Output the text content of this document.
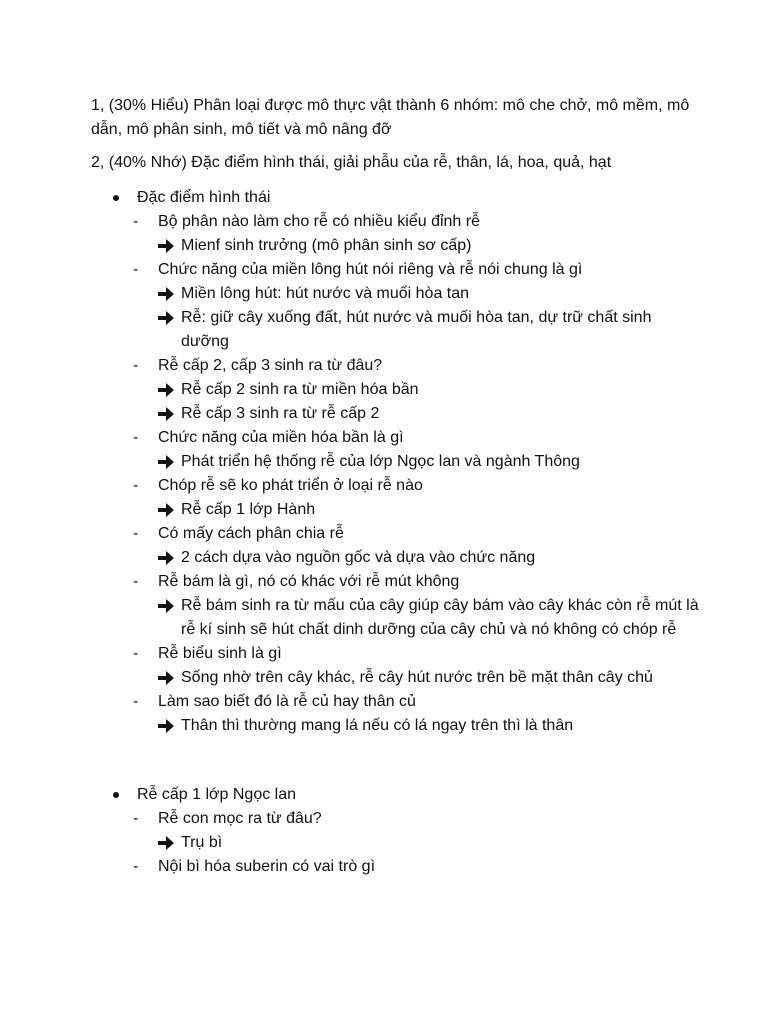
1, (30% Hiểu) Phân loại được mô thực vật thành 6 nhóm: mô che chở, mô mềm, mô dẫn, mô phân sinh, mô tiết và mô nâng đỡ

2, (40% Nhớ) Đặc điểm hình thái, giải phẫu của rễ, thân, lá, hoa, quả, hạt

Đặc điểm hình thái
- Bộ phân nào làm cho rễ có nhiều kiểu đỉnh rễ
Mienf sinh trưởng (mô phân sinh sơ cấp)
- Chức năng của miền lông hút nói riêng và rễ nói chung là gì
Miền lông hút: hút nước và muối hòa tan
Rễ: giữ cây xuống đất, hút nước và muối hòa tan, dự trữ chất sinh dưỡng
- Rễ cấp 2, cấp 3 sinh ra từ đâu?
Rễ cấp 2 sinh ra từ miền hóa bần
Rễ cấp 3 sinh ra từ rễ cấp 2
- Chức năng của miền hóa bần là gì
Phát triển hệ thống rễ của lớp Ngọc lan và ngành Thông
- Chóp rễ sẽ ko phát triển ở loại rễ nào
Rễ cấp 1 lớp Hành
- Có mấy cách phân chia rễ
2 cách dựa vào nguồn gốc và dựa vào chức năng
- Rễ bám là gì, nó có khác với rễ mút không
Rễ bám sinh ra từ mấu của cây giúp cây bám vào cây khác còn rễ mút là rễ kí sinh sẽ hút chất dinh dưỡng của cây chủ và nó không có chóp rễ
- Rễ biểu sinh là gì
Sống nhờ trên cây khác, rễ cây hút nước trên bề mặt thân cây chủ
- Làm sao biết đó là rễ củ hay thân củ
Thân thì thường mang lá nếu có lá ngay trên thì là thân
Rễ cấp 1 lớp Ngọc lan
- Rễ con mọc ra từ đâu?
Trụ bì
- Nội bì hóa suberin có vai trò gì
